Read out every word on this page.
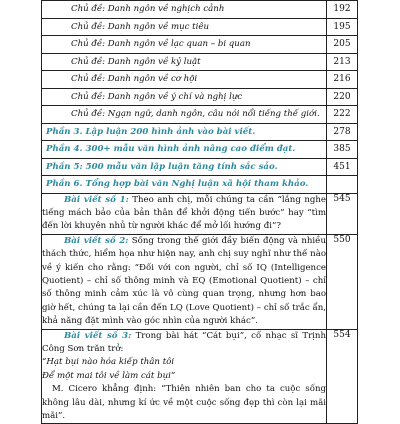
Chủ đề: Danh ngôn về nghịch cảnh	192
Chủ đề: Danh ngôn về mục tiêu	195
Chủ đề: Danh ngôn về lạc quan – bi quan	205
Chủ đề: Danh ngôn về kỷ luật	213
Chủ đề: Danh ngôn về cơ hội	216
Chủ đề: Danh ngôn về ý chí và nghị lực	220
Chủ đề: Ngạn ngữ, danh ngôn, câu nói nổi tiếng thế giới.	222
Phần 3. Lập luận 200 hình ảnh vào bài viết.	278
Phần 4. 300+ mẫu văn hình ảnh nâng cao điểm đạt.	385
Phần 5: 500 mẫu văn lập luận tăng tính sắc sảo.	451
Phần 6. Tổng hợp bài văn Nghị luận xã hội tham khảo.	

Bài viết số 1: Theo anh chị, mỗi chúng ta cần “lắng nghe tiếng mách bảo của bản thân để khởi động tiến bước” hay “tìm đến lời khuyên nhủ từ người khác để mở lối hướng đi”?	545

Bài viết số 2: Sống trong thế giới đầy biến động và nhiều thách thức, hiểm họa như hiện nay, anh chị suy nghĩ như thế nào về ý kiến cho rằng: “Đối với con người, chỉ số IQ (Intelligence Quotient) – chỉ số thông minh và EQ (Emotional Quotient) – chỉ số thông minh cảm xúc là vô cùng quan trọng, nhưng hơn bao giờ hết, chúng ta lại cần đến LQ (Love Quotient) – chỉ số trắc ẩn, khả năng đặt mình vào góc nhìn của người khác”.	550

Bài viết số 3: Trong bài hát “Cát bụi”, cố nhạc sĩ Trịnh Công Sơn trăn trở:

“Hạt bụi nào hóa kiếp thân tôi

Để một mai tôi về làm cát bụi”

M. Cicero khẳng định: “Thiên nhiên ban cho ta cuộc sống không lâu dài, nhưng kí ức về một cuộc sống đẹp thì còn lại mãi mãi”.	554
